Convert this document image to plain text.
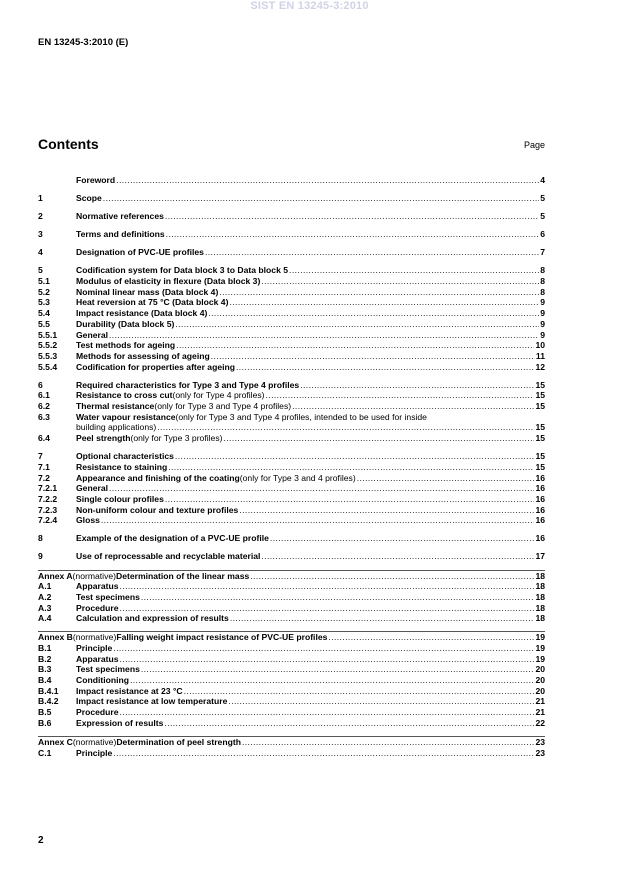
SIST EN 13245-3:2010
EN 13245-3:2010 (E)
Contents	Page
Foreword .....	4
1	Scope .....	5
2	Normative references .....	5
3	Terms and definitions .....	6
4	Designation of PVC-UE profiles .....	7
5	Codification system for Data block 3 to Data block 5 .....	8
5.1	Modulus of elasticity in flexure (Data block 3) .....	8
5.2	Nominal linear mass (Data block 4) .....	8
5.3	Heat reversion at 75 °C (Data block 4) .....	9
5.4	Impact resistance (Data block 4) .....	9
5.5	Durability (Data block 5) .....	9
5.5.1	General .....	9
5.5.2	Test methods for ageing .....	10
5.5.3	Methods for assessing of ageing .....	11
5.5.4	Codification for properties after ageing .....	12
6	Required characteristics for Type 3 and Type 4 profiles .....	15
6.1	Resistance to cross cut (only for Type 4 profiles) .....	15
6.2	Thermal resistance (only for Type 3 and Type 4 profiles) .....	15
6.3	Water vapour resistance (only for Type 3 and Type 4 profiles, intended to be used for inside
building applications) .....	15
6.4	Peel strength (only for Type 3 profiles) .....	15
7	Optional characteristics .....	15
7.1	Resistance to staining .....	15
7.2	Appearance and finishing of the coating (only for Type 3 and 4 profiles) .....	16
7.2.1	General .....	16
7.2.2	Single colour profiles .....	16
7.2.3	Non-uniform colour and texture profiles .....	16
7.2.4	Gloss .....	16
8	Example of the designation of a PVC-UE profile .....	16
9	Use of reprocessable and recyclable material .....	17
Annex A (normative) Determination of the linear mass .....	18
A.1	Apparatus .....	18
A.2	Test specimens .....	18
A.3	Procedure .....	18
A.4	Calculation and expression of results .....	18
Annex B (normative) Falling weight impact resistance of PVC-UE profiles .....	19
B.1	Principle .....	19
B.2	Apparatus .....	19
B.3	Test specimens .....	20
B.4	Conditioning .....	20
B.4.1	Impact resistance at 23 °C .....	20
B.4.2	Impact resistance at low temperature .....	21
B.5	Procedure .....	21
B.6	Expression of results .....	22
Annex C (normative) Determination of peel strength .....	23
C.1	Principle .....	23
2
